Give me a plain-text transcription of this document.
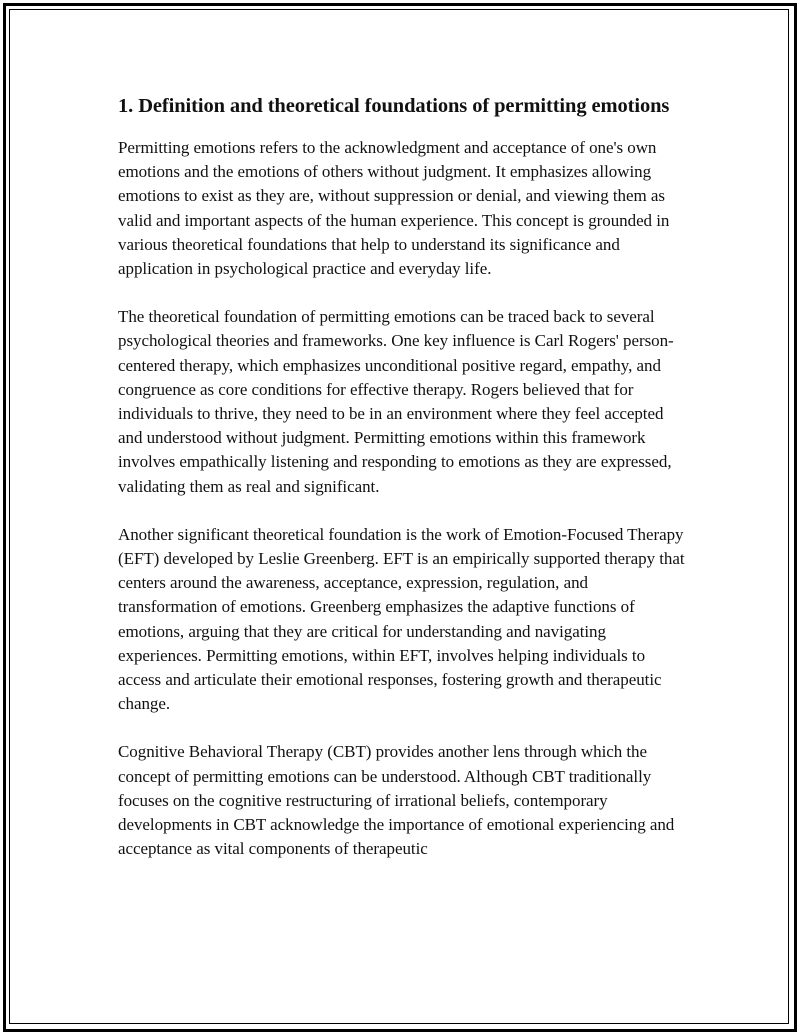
1. Definition and theoretical foundations of permitting emotions

Permitting emotions refers to the acknowledgment and acceptance of one's own emotions and the emotions of others without judgment. It emphasizes allowing emotions to exist as they are, without suppression or denial, and viewing them as valid and important aspects of the human experience. This concept is grounded in various theoretical foundations that help to understand its significance and application in psychological practice and everyday life.

The theoretical foundation of permitting emotions can be traced back to several psychological theories and frameworks. One key influence is Carl Rogers' person-centered therapy, which emphasizes unconditional positive regard, empathy, and congruence as core conditions for effective therapy. Rogers believed that for individuals to thrive, they need to be in an environment where they feel accepted and understood without judgment. Permitting emotions within this framework involves empathically listening and responding to emotions as they are expressed, validating them as real and significant.

Another significant theoretical foundation is the work of Emotion-Focused Therapy (EFT) developed by Leslie Greenberg. EFT is an empirically supported therapy that centers around the awareness, acceptance, expression, regulation, and transformation of emotions. Greenberg emphasizes the adaptive functions of emotions, arguing that they are critical for understanding and navigating experiences. Permitting emotions, within EFT, involves helping individuals to access and articulate their emotional responses, fostering growth and therapeutic change.

Cognitive Behavioral Therapy (CBT) provides another lens through which the concept of permitting emotions can be understood. Although CBT traditionally focuses on the cognitive restructuring of irrational beliefs, contemporary developments in CBT acknowledge the importance of emotional experiencing and acceptance as vital components of therapeutic
